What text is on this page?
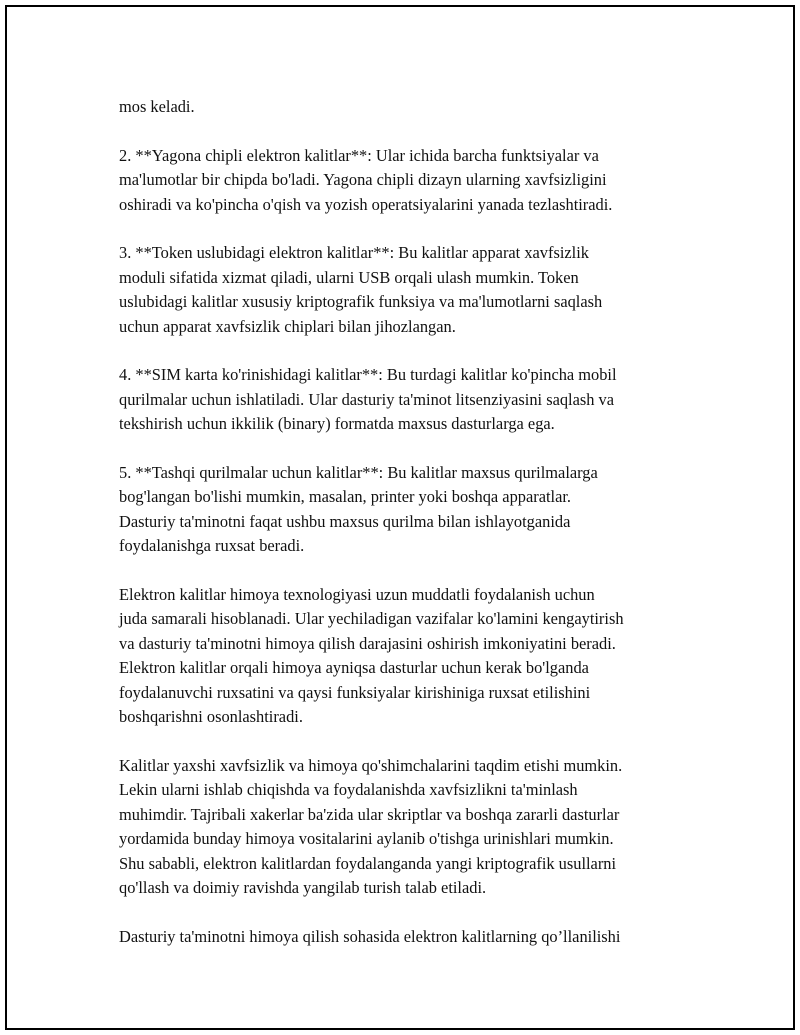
mos keladi.

2. **Yagona chipli elektron kalitlar**: Ular ichida barcha funktsiyalar va
ma'lumotlar bir chipda bo'ladi. Yagona chipli dizayn ularning xavfsizligini
oshiradi va ko'pincha o'qish va yozish operatsiyalarini yanada tezlashtiradi.

3. **Token uslubidagi elektron kalitlar**: Bu kalitlar apparat xavfsizlik
moduli sifatida xizmat qiladi, ularni USB orqali ulash mumkin. Token
uslubidagi kalitlar xususiy kriptografik funksiya va ma'lumotlarni saqlash
uchun apparat xavfsizlik chiplari bilan jihozlangan.

4. **SIM karta ko'rinishidagi kalitlar**: Bu turdagi kalitlar ko'pincha mobil
qurilmalar uchun ishlatiladi. Ular dasturiy ta'minot litsenziyasini saqlash va
tekshirish uchun ikkilik (binary) formatda maxsus dasturlarga ega.

5. **Tashqi qurilmalar uchun kalitlar**: Bu kalitlar maxsus qurilmalarga
bog'langan bo'lishi mumkin, masalan, printer yoki boshqa apparatlar.
Dasturiy ta'minotni faqat ushbu maxsus qurilma bilan ishlayotganida
foydalanishga ruxsat beradi.

Elektron kalitlar himoya texnologiyasi uzun muddatli foydalanish uchun
juda samarali hisoblanadi. Ular yechiladigan vazifalar ko'lamini kengaytirish
va dasturiy ta'minotni himoya qilish darajasini oshirish imkoniyatini beradi.
Elektron kalitlar orqali himoya ayniqsa dasturlar uchun kerak bo'lganda
foydalanuvchi ruxsatini va qaysi funksiyalar kirishiniga ruxsat etilishini
boshqarishni osonlashtiradi.

Kalitlar yaxshi xavfsizlik va himoya qo'shimchalarini taqdim etishi mumkin.
Lekin ularni ishlab chiqishda va foydalanishda xavfsizlikni ta'minlash
muhimdir. Tajribali xakerlar ba'zida ular skriptlar va boshqa zararli dasturlar
yordamida bunday himoya vositalarini aylanib o'tishga urinishlari mumkin.
Shu sababli, elektron kalitlardan foydalanganda yangi kriptografik usullarni
qo'llash va doimiy ravishda yangilab turish talab etiladi.

Dasturiy ta'minotni himoya qilish sohasida elektron kalitlarning qo’llanilishi
